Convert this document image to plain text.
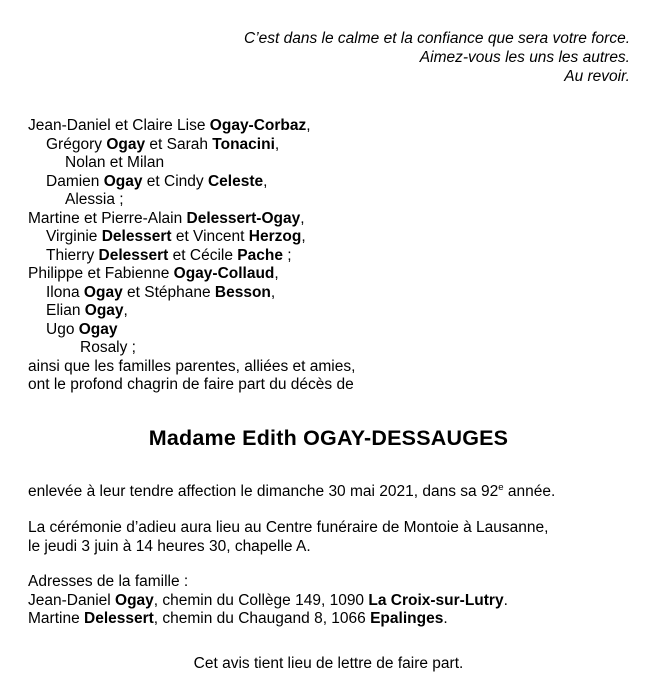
C’est dans le calme et la confiance que sera votre force.
Aimez-vous les uns les autres.
Au revoir.
Jean-Daniel et Claire Lise Ogay-Corbaz,
Grégory Ogay et Sarah Tonacini,
Nolan et Milan
Damien Ogay et Cindy Celeste,
Alessia ;
Martine et Pierre-Alain Delessert-Ogay,
Virginie Delessert et Vincent Herzog,
Thierry Delessert et Cécile Pache ;
Philippe et Fabienne Ogay-Collaud,
Ilona Ogay et Stéphane Besson,
Elian Ogay,
Ugo Ogay
Rosaly ;
ainsi que les familles parentes, alliées et amies,
ont le profond chagrin de faire part du décès de
Madame Edith OGAY-DESSAUGES
enlevée à leur tendre affection le dimanche 30 mai 2021, dans sa 92e année.
La cérémonie d’adieu aura lieu au Centre funéraire de Montoie à Lausanne,
le jeudi 3 juin à 14 heures 30, chapelle A.
Adresses de la famille :
Jean-Daniel Ogay, chemin du Collège 149, 1090 La Croix-sur-Lutry.
Martine Delessert, chemin du Chaugand 8, 1066 Epalinges.
Cet avis tient lieu de lettre de faire part.
